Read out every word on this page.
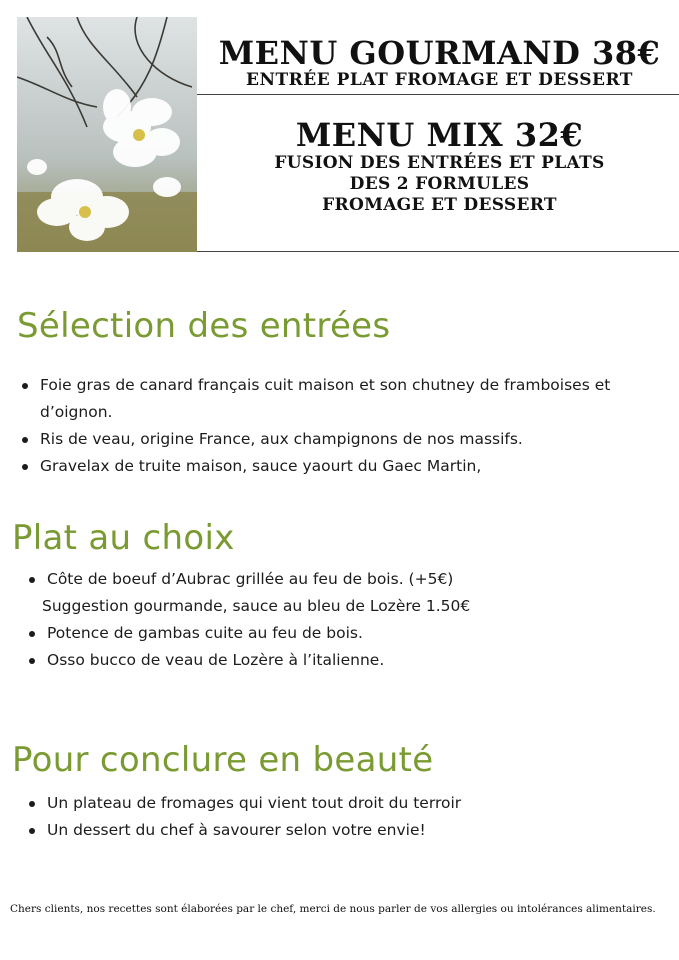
MENU GOURMAND 38€
ENTRÉE PLAT FROMAGE ET DESSERT
MENU MIX 32€
FUSION DES ENTRÉES ET PLATS
DES 2 FORMULES
FROMAGE ET DESSERT
Sélection des entrées
Foie gras de canard français cuit maison et son chutney de framboises et d’oignon.
Ris de veau, origine France, aux champignons de nos massifs.
Gravelax de truite maison, sauce yaourt du Gaec Martin,
Plat au choix
Côte de boeuf d’Aubrac grillée au feu de bois. (+5€)
Suggestion gourmande, sauce au bleu de Lozère 1.50€
Potence de gambas cuite au feu de bois.
Osso bucco de veau de Lozère à l’italienne.
Pour conclure en beauté
Un plateau de fromages qui vient tout droit du terroir
Un dessert du chef à savourer selon votre envie!
Chers clients, nos recettes sont élaborées par le chef, merci de nous parler de vos allergies ou intolérances alimentaires.
